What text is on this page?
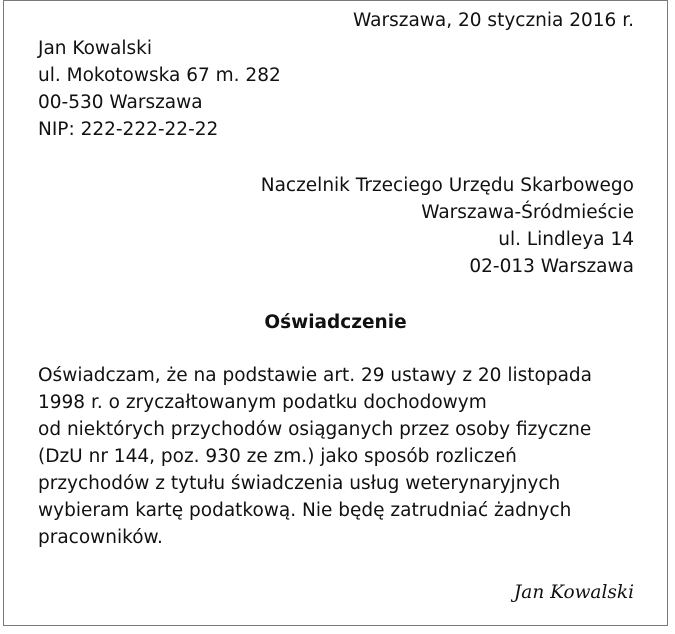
Warszawa, 20 stycznia 2016 r.
Jan Kowalski
ul. Mokotowska 67 m. 282
00-530 Warszawa
NIP: 222-222-22-22
Naczelnik Trzeciego Urzędu Skarbowego
Warszawa-Śródmieście
ul. Lindleya 14
02-013 Warszawa
Oświadczenie
Oświadczam, że na podstawie art. 29 ustawy z 20 listopada
1998 r. o zryczałtowanym podatku dochodowym
od niektórych przychodów osiąganych przez osoby fizyczne
(DzU nr 144, poz. 930 ze zm.) jako sposób rozliczeń
przychodów z tytułu świadczenia usług weterynaryjnych
wybieram kartę podatkową. Nie będę zatrudniać żadnych
pracowników.
Jan Kowalski
